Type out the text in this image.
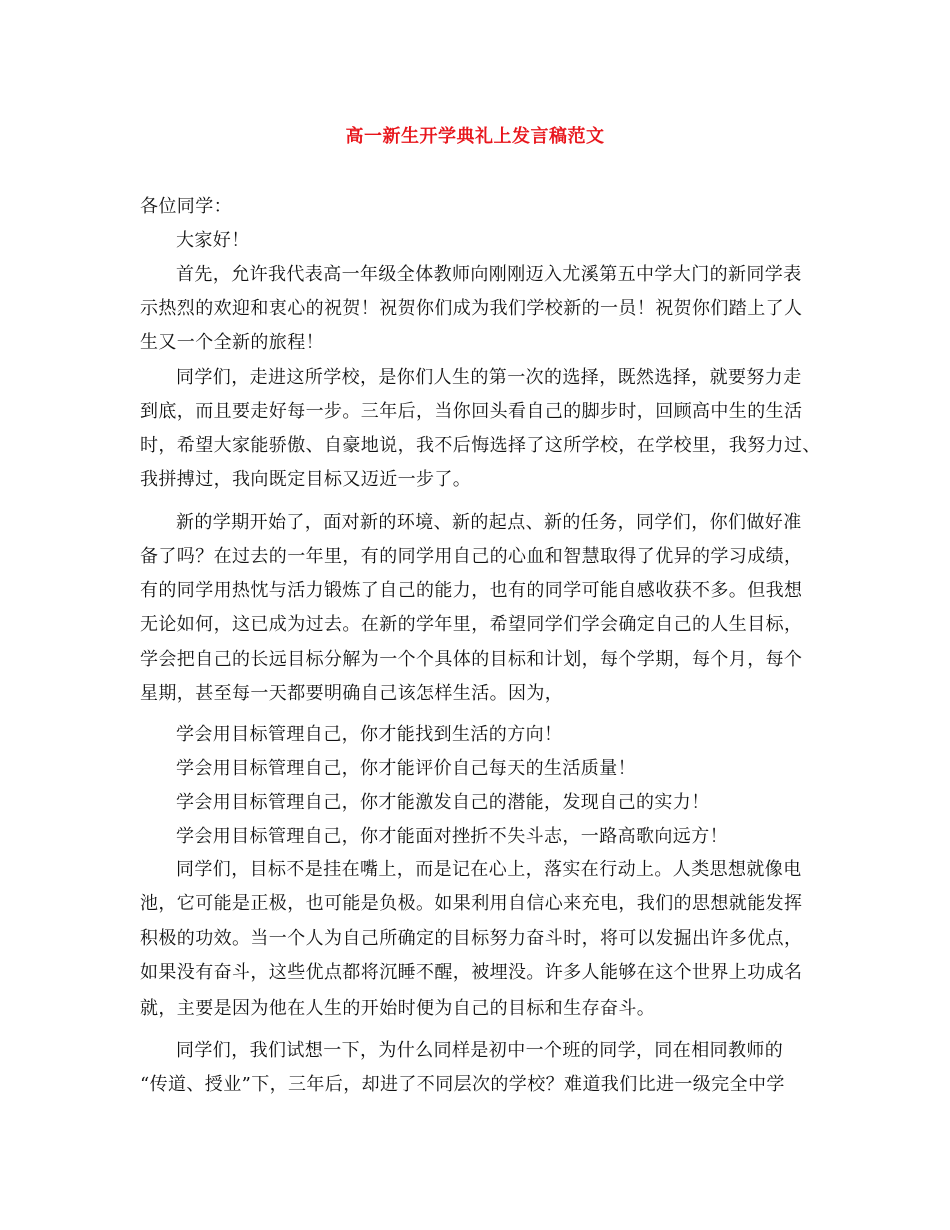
高一新生开学典礼上发言稿范文
各位同学：
大家好！
首先，允许我代表高一年级全体教师向刚刚迈入尤溪第五中学大门的新同学表
示热烈的欢迎和衷心的祝贺！祝贺你们成为我们学校新的一员！祝贺你们踏上了人
生又一个全新的旅程！
同学们，走进这所学校，是你们人生的第一次的选择，既然选择，就要努力走
到底，而且要走好每一步。三年后，当你回头看自己的脚步时，回顾高中生的生活
时，希望大家能骄傲、自豪地说，我不后悔选择了这所学校，在学校里，我努力过、
我拼搏过，我向既定目标又迈近一步了。
新的学期开始了，面对新的环境、新的起点、新的任务，同学们，你们做好准
备了吗？在过去的一年里，有的同学用自己的心血和智慧取得了优异的学习成绩，
有的同学用热忱与活力锻炼了自己的能力，也有的同学可能自感收获不多。但我想
无论如何，这已成为过去。在新的学年里，希望同学们学会确定自己的人生目标，
学会把自己的长远目标分解为一个个具体的目标和计划，每个学期，每个月，每个
星期，甚至每一天都要明确自己该怎样生活。因为，
学会用目标管理自己，你才能找到生活的方向！
学会用目标管理自己，你才能评价自己每天的生活质量！
学会用目标管理自己，你才能激发自己的潜能，发现自己的实力！
学会用目标管理自己，你才能面对挫折不失斗志，一路高歌向远方！
同学们，目标不是挂在嘴上，而是记在心上，落实在行动上。人类思想就像电
池，它可能是正极，也可能是负极。如果利用自信心来充电，我们的思想就能发挥
积极的功效。当一个人为自己所确定的目标努力奋斗时，将可以发掘出许多优点，
如果没有奋斗，这些优点都将沉睡不醒，被埋没。许多人能够在这个世界上功成名
就，主要是因为他在人生的开始时便为自己的目标和生存奋斗。
同学们，我们试想一下，为什么同样是初中一个班的同学，同在相同教师的
“传道、授业”下，三年后，却进了不同层次的学校？难道我们比进一级完全中学
